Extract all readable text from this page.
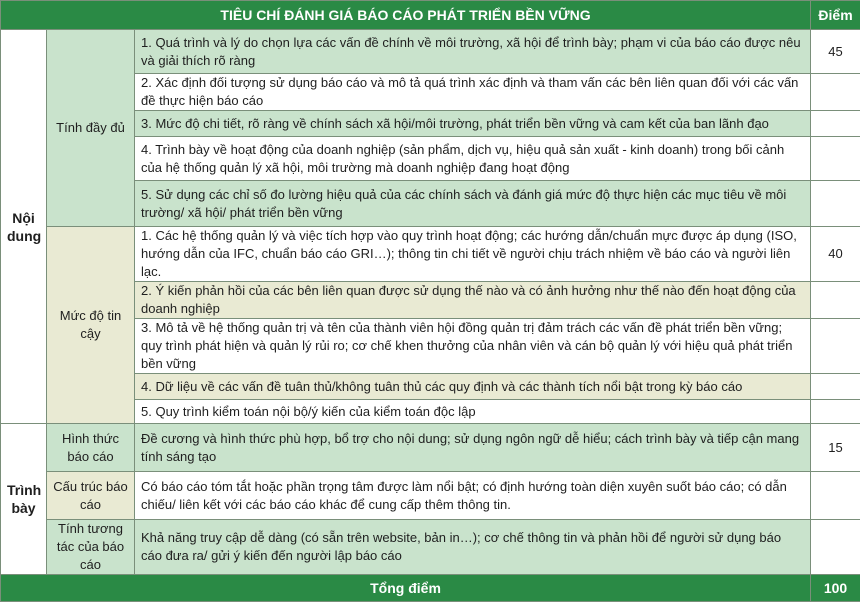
TIÊU CHÍ ĐÁNH GIÁ BÁO CÁO PHÁT TRIỂN BỀN VỮNG			Điểm
Nội dung	Tính đầy đủ	1. Quá trình và lý do chọn lựa các vấn đề chính về môi trường, xã hội để trình bày; phạm vi của báo cáo được nêu và giải thích rõ ràng	45
		2. Xác định đối tượng sử dụng báo cáo và mô tả quá trình xác định và tham vấn các bên liên quan đối với các vấn đề thực hiện báo cáo	
		3. Mức độ chi tiết, rõ ràng về chính sách xã hội/môi trường, phát triển bền vững và cam kết của ban lãnh đạo	
		4. Trình bày về hoạt động của doanh nghiệp (sản phẩm, dịch vụ, hiệu quả sản xuất - kinh doanh) trong bối cảnh của hệ thống quản lý xã hội, môi trường mà doanh nghiệp đang hoạt động	
		5. Sử dụng các chỉ số đo lường hiệu quả của các chính sách và đánh giá mức độ thực hiện các mục tiêu về môi trường/ xã hội/ phát triển bền vững	
	Mức độ tin cậy	1. Các hệ thống quản lý và việc tích hợp vào quy trình hoạt động; các hướng dẫn/chuẩn mực được áp dụng (ISO, hướng dẫn của IFC, chuẩn báo cáo GRI…); thông tin chi tiết về người chịu trách nhiệm về báo cáo và người liên lạc.	40
		2. Ý kiến phản hồi của các bên liên quan được sử dụng thế nào và có ảnh hưởng như thế nào đến hoạt động của doanh nghiệp	
		3. Mô tả về hệ thống quản trị và tên của thành viên hội đồng quản trị đảm trách các vấn đề phát triển bền vững; quy trình phát hiện và quản lý rủi ro; cơ chế khen thưởng của nhân viên và cán bộ quản lý với hiệu quả phát triển bền vững	
		4. Dữ liệu về các vấn đề tuân thủ/không tuân thủ các quy định và các thành tích nổi bật trong kỳ báo cáo	
		5. Quy trình kiểm toán nội bộ/ý kiến của kiểm toán độc lập	
Trình bày	Hình thức báo cáo	Đề cương và hình thức phù hợp, bổ trợ cho nội dung; sử dụng ngôn ngữ dễ hiểu; cách trình bày và tiếp cận mang tính sáng tạo	15
	Cấu trúc báo cáo	Có báo cáo tóm tắt hoặc phần trọng tâm được làm nổi bật; có định hướng toàn diện xuyên suốt báo cáo; có dẫn chiếu/ liên kết với các báo cáo khác để cung cấp thêm thông tin.	
	Tính tương tác của báo cáo	Khả năng truy cập dễ dàng (có sẵn trên website, bản in…); cơ chế thông tin và phản hồi để người sử dụng báo cáo đưa ra/ gửi ý kiến đến người lập báo cáo	
Tổng điểm			100
